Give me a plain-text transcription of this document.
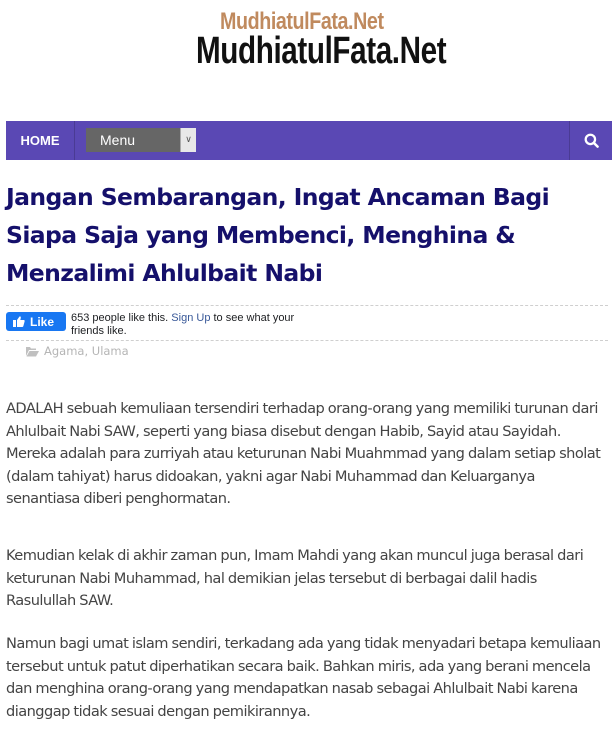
MudhiatulFata.Net
MudhiatulFata.Net
HOME	Menu	∨
Jangan Sembarangan, Ingat Ancaman Bagi Siapa Saja yang Membenci, Menghina & Menzalimi Ahlulbait Nabi
Like 653 people like this. Sign Up to see what your friends like.
Agama, Ulama

ADALAH sebuah kemuliaan tersendiri terhadap orang-orang yang memiliki turunan dari Ahlulbait Nabi SAW, seperti yang biasa disebut dengan Habib, Sayid atau Sayidah. Mereka adalah para zurriyah atau keturunan Nabi Muahmmad yang dalam setiap sholat (dalam tahiyat) harus didoakan, yakni agar Nabi Muhammad dan Keluarganya senantiasa diberi penghormatan.

Kemudian kelak di akhir zaman pun, Imam Mahdi yang akan muncul juga berasal dari keturunan Nabi Muhammad, hal demikian jelas tersebut di berbagai dalil hadis Rasulullah SAW.

Namun bagi umat islam sendiri, terkadang ada yang tidak menyadari betapa kemuliaan tersebut untuk patut diperhatikan secara baik. Bahkan miris, ada yang berani mencela dan menghina orang-orang yang mendapatkan nasab sebagai Ahlulbait Nabi karena dianggap tidak sesuai dengan pemikirannya.
